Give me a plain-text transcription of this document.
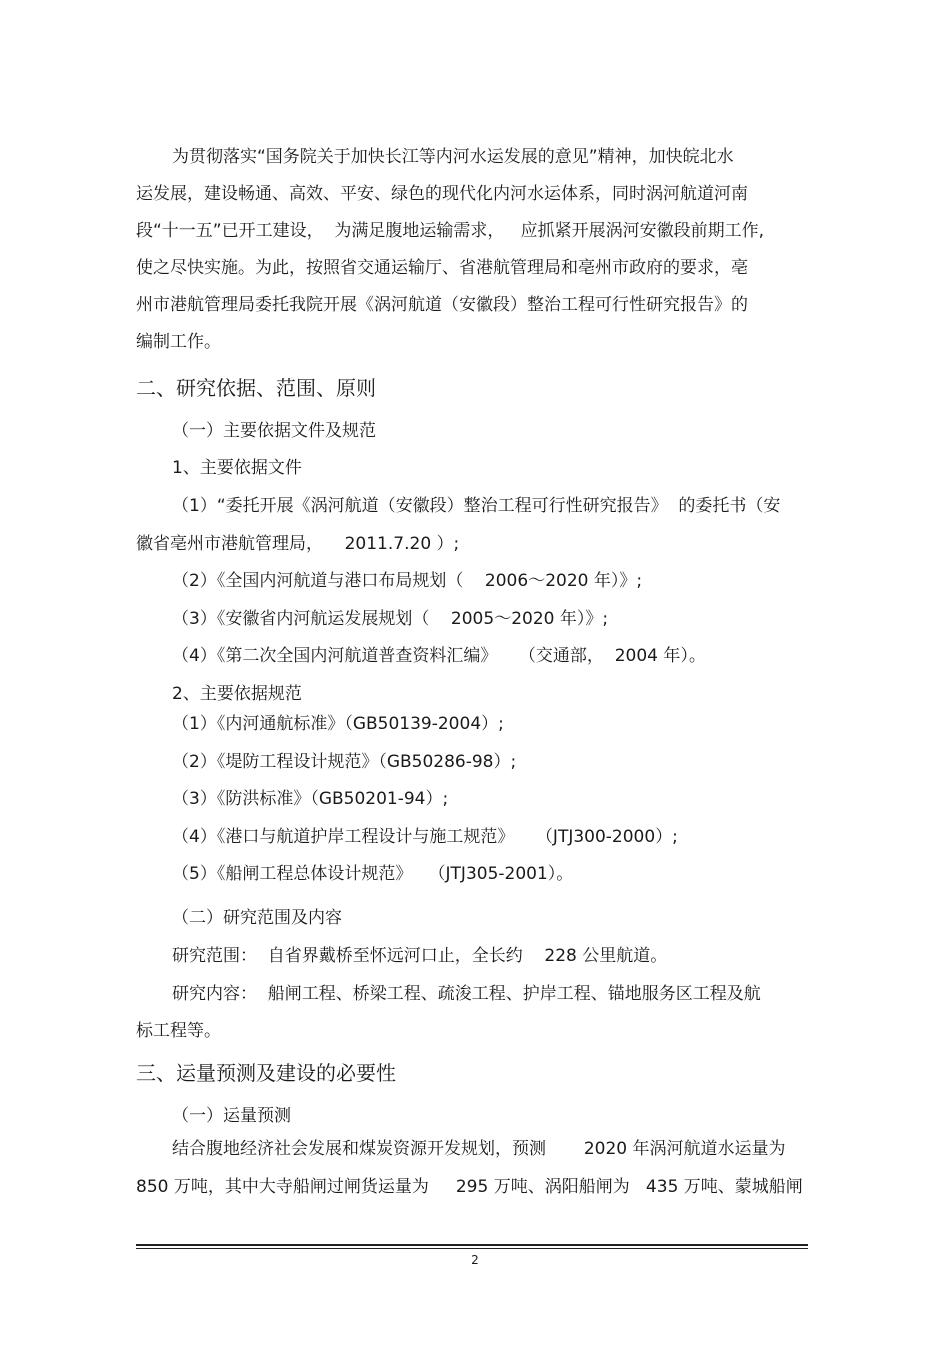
为贯彻落实“国务院关于加快长江等内河水运发展的意见”精神，加快皖北水
运发展，建设畅通、高效、平安、绿色的现代化内河水运体系，同时涡河航道河南
段“十一五”已开工建设，  为满足腹地运输需求，   应抓紧开展涡河安徽段前期工作,
使之尽快实施。为此，按照省交通运输厅、省港航管理局和亳州市政府的要求，亳
州市港航管理局委托我院开展《涡河航道（安徽段）整治工程可行性研究报告》的
编制工作。
二、研究依据、范围、原则
（一）主要依据文件及规范
1、主要依据文件
（1）“委托开展《涡河航道（安徽段）整治工程可行性研究报告》  的委托书（安
徽省亳州市港航管理局，    2011.7.20 ）;
（2）《全国内河航道与港口布局规划（    2006～2020 年）》;
（3）《安徽省内河航运发展规划（    2005～2020 年）》;
（4）《第二次全国内河航道普查资料汇编》    （交通部，  2004 年）。
2、主要依据规范
（1）《内河通航标准》（GB50139-2004）;
（2）《堤防工程设计规范》（GB50286-98）;
（3）《防洪标准》（GB50201-94）;
（4）《港口与航道护岸工程设计与施工规范》    （JTJ300-2000）;
（5）《船闸工程总体设计规范》   （JTJ305-2001）。
（二）研究范围及内容
研究范围：  自省界戴桥至怀远河口止，全长约    228 公里航道。
研究内容：  船闸工程、桥梁工程、疏浚工程、护岸工程、锚地服务区工程及航
标工程等。
三、运量预测及建设的必要性
（一）运量预测
结合腹地经济社会发展和煤炭资源开发规划，预测       2020 年涡河航道水运量为
850 万吨，其中大寺船闸过闸货运量为     295 万吨、涡阳船闸为   435 万吨、蒙城船闸
2
